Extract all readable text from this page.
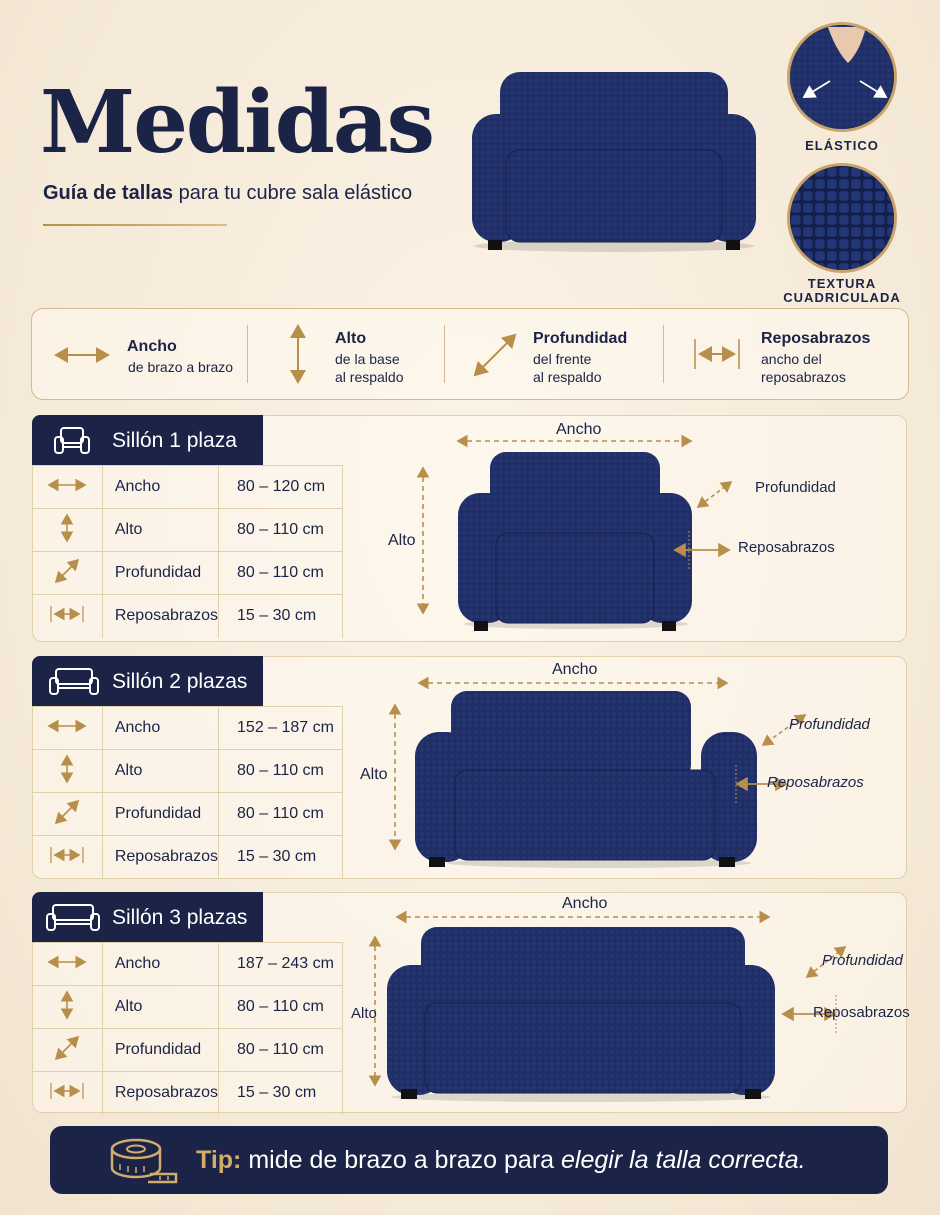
Medidas
Guía de tallas para tu cubre sala elástico
ELÁSTICO
TEXTURA
CUADRICULADA
Ancho
de brazo a brazo
Alto
de la base
al respaldo
Profundidad
del frente
al respaldo
Reposabrazos
ancho del
reposabrazos
Sillón 1 plaza
	Ancho	80 – 120 cm
	Alto	80 – 110 cm
	Profundidad	80 – 110 cm
	Reposabrazos	15 – 30 cm
Ancho
Alto
Profundidad
Reposabrazos
Sillón 2 plazas
	Ancho	152 – 187 cm
	Alto	80 – 110 cm
	Profundidad	80 – 110 cm
	Reposabrazos	15 – 30 cm
Ancho
Alto
Profundidad
Reposabrazos
Sillón 3 plazas
	Ancho	187 – 243 cm
	Alto	80 – 110 cm
	Profundidad	80 – 110 cm
	Reposabrazos	15 – 30 cm
Ancho
Alto
Profundidad
Reposabrazos
Tip: mide de brazo a brazo para elegir la talla correcta.
